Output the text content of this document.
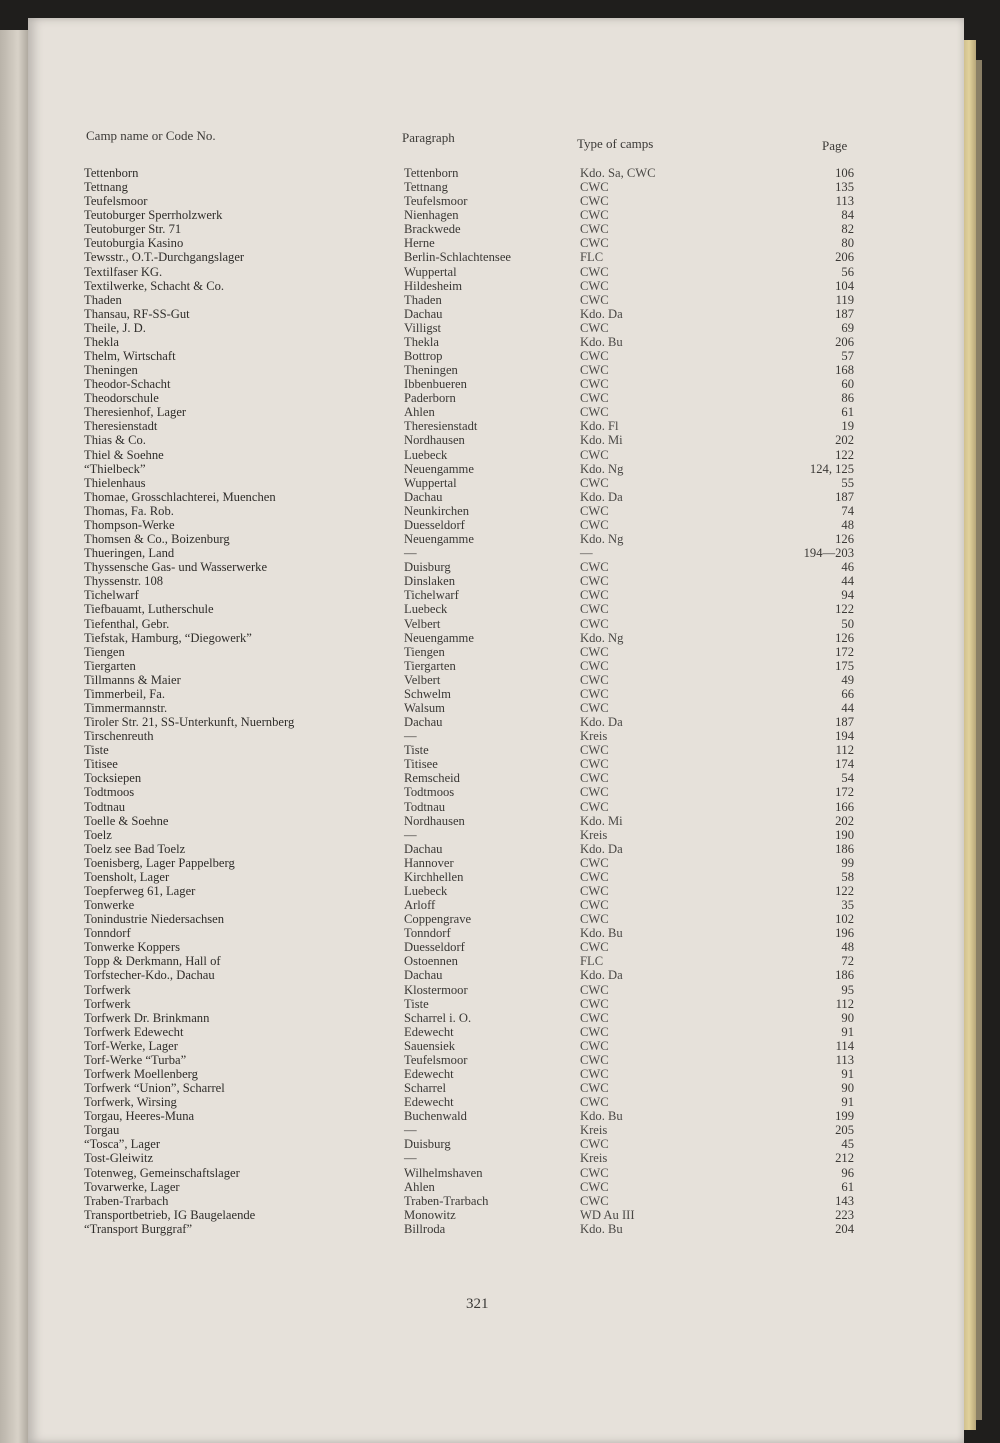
Camp name or Code No.	Paragraph	Type of camps	Page
Tettenborn	Tettenborn	Kdo. Sa, CWC	106
Tettnang	Tettnang	CWC	135
Teufelsmoor	Teufelsmoor	CWC	113
Teutoburger Sperrholzwerk	Nienhagen	CWC	84
Teutoburger Str. 71	Brackwede	CWC	82
Teutoburgia Kasino	Herne	CWC	80
Tewsstr., O.T.-Durchgangslager	Berlin-Schlachtensee	FLC	206
Textilfaser KG.	Wuppertal	CWC	56
Textilwerke, Schacht & Co.	Hildesheim	CWC	104
Thaden	Thaden	CWC	119
Thansau, RF-SS-Gut	Dachau	Kdo. Da	187
Theile, J. D.	Villigst	CWC	69
Thekla	Thekla	Kdo. Bu	206
Thelm, Wirtschaft	Bottrop	CWC	57
Theningen	Theningen	CWC	168
Theodor-Schacht	Ibbenbueren	CWC	60
Theodorschule	Paderborn	CWC	86
Theresienhof, Lager	Ahlen	CWC	61
Theresienstadt	Theresienstadt	Kdo. Fl	19
Thias & Co.	Nordhausen	Kdo. Mi	202
Thiel & Soehne	Luebeck	CWC	122
“Thielbeck”	Neuengamme	Kdo. Ng	124, 125
Thielenhaus	Wuppertal	CWC	55
Thomae, Grosschlachterei, Muenchen	Dachau	Kdo. Da	187
Thomas, Fa. Rob.	Neunkirchen	CWC	74
Thompson-Werke	Duesseldorf	CWC	48
Thomsen & Co., Boizenburg	Neuengamme	Kdo. Ng	126
Thueringen, Land	—	—	194—203
Thyssensche Gas- und Wasserwerke	Duisburg	CWC	46
Thyssenstr. 108	Dinslaken	CWC	44
Tichelwarf	Tichelwarf	CWC	94
Tiefbauamt, Lutherschule	Luebeck	CWC	122
Tiefenthal, Gebr.	Velbert	CWC	50
Tiefstak, Hamburg, “Diegowerk”	Neuengamme	Kdo. Ng	126
Tiengen	Tiengen	CWC	172
Tiergarten	Tiergarten	CWC	175
Tillmanns & Maier	Velbert	CWC	49
Timmerbeil, Fa.	Schwelm	CWC	66
Timmermannstr.	Walsum	CWC	44
Tiroler Str. 21, SS-Unterkunft, Nuernberg	Dachau	Kdo. Da	187
Tirschenreuth	—	Kreis	194
Tiste	Tiste	CWC	112
Titisee	Titisee	CWC	174
Tocksiepen	Remscheid	CWC	54
Todtmoos	Todtmoos	CWC	172
Todtnau	Todtnau	CWC	166
Toelle & Soehne	Nordhausen	Kdo. Mi	202
Toelz	—	Kreis	190
Toelz see Bad Toelz	Dachau	Kdo. Da	186
Toenisberg, Lager Pappelberg	Hannover	CWC	99
Toensholt, Lager	Kirchhellen	CWC	58
Toepferweg 61, Lager	Luebeck	CWC	122
Tonwerke	Arloff	CWC	35
Tonindustrie Niedersachsen	Coppengrave	CWC	102
Tonndorf	Tonndorf	Kdo. Bu	196
Tonwerke Koppers	Duesseldorf	CWC	48
Topp & Derkmann, Hall of	Ostoennen	FLC	72
Torfstecher-Kdo., Dachau	Dachau	Kdo. Da	186
Torfwerk	Klostermoor	CWC	95
Torfwerk	Tiste	CWC	112
Torfwerk Dr. Brinkmann	Scharrel i. O.	CWC	90
Torfwerk Edewecht	Edewecht	CWC	91
Torf-Werke, Lager	Sauensiek	CWC	114
Torf-Werke “Turba”	Teufelsmoor	CWC	113
Torfwerk Moellenberg	Edewecht	CWC	91
Torfwerk “Union”, Scharrel	Scharrel	CWC	90
Torfwerk, Wirsing	Edewecht	CWC	91
Torgau, Heeres-Muna	Buchenwald	Kdo. Bu	199
Torgau	—	Kreis	205
“Tosca”, Lager	Duisburg	CWC	45
Tost-Gleiwitz	—	Kreis	212
Totenweg, Gemeinschaftslager	Wilhelmshaven	CWC	96
Tovarwerke, Lager	Ahlen	CWC	61
Traben-Trarbach	Traben-Trarbach	CWC	143
Transportbetrieb, IG Baugelaende	Monowitz	WD Au III	223
“Transport Burggraf”	Billroda	Kdo. Bu	204
321
